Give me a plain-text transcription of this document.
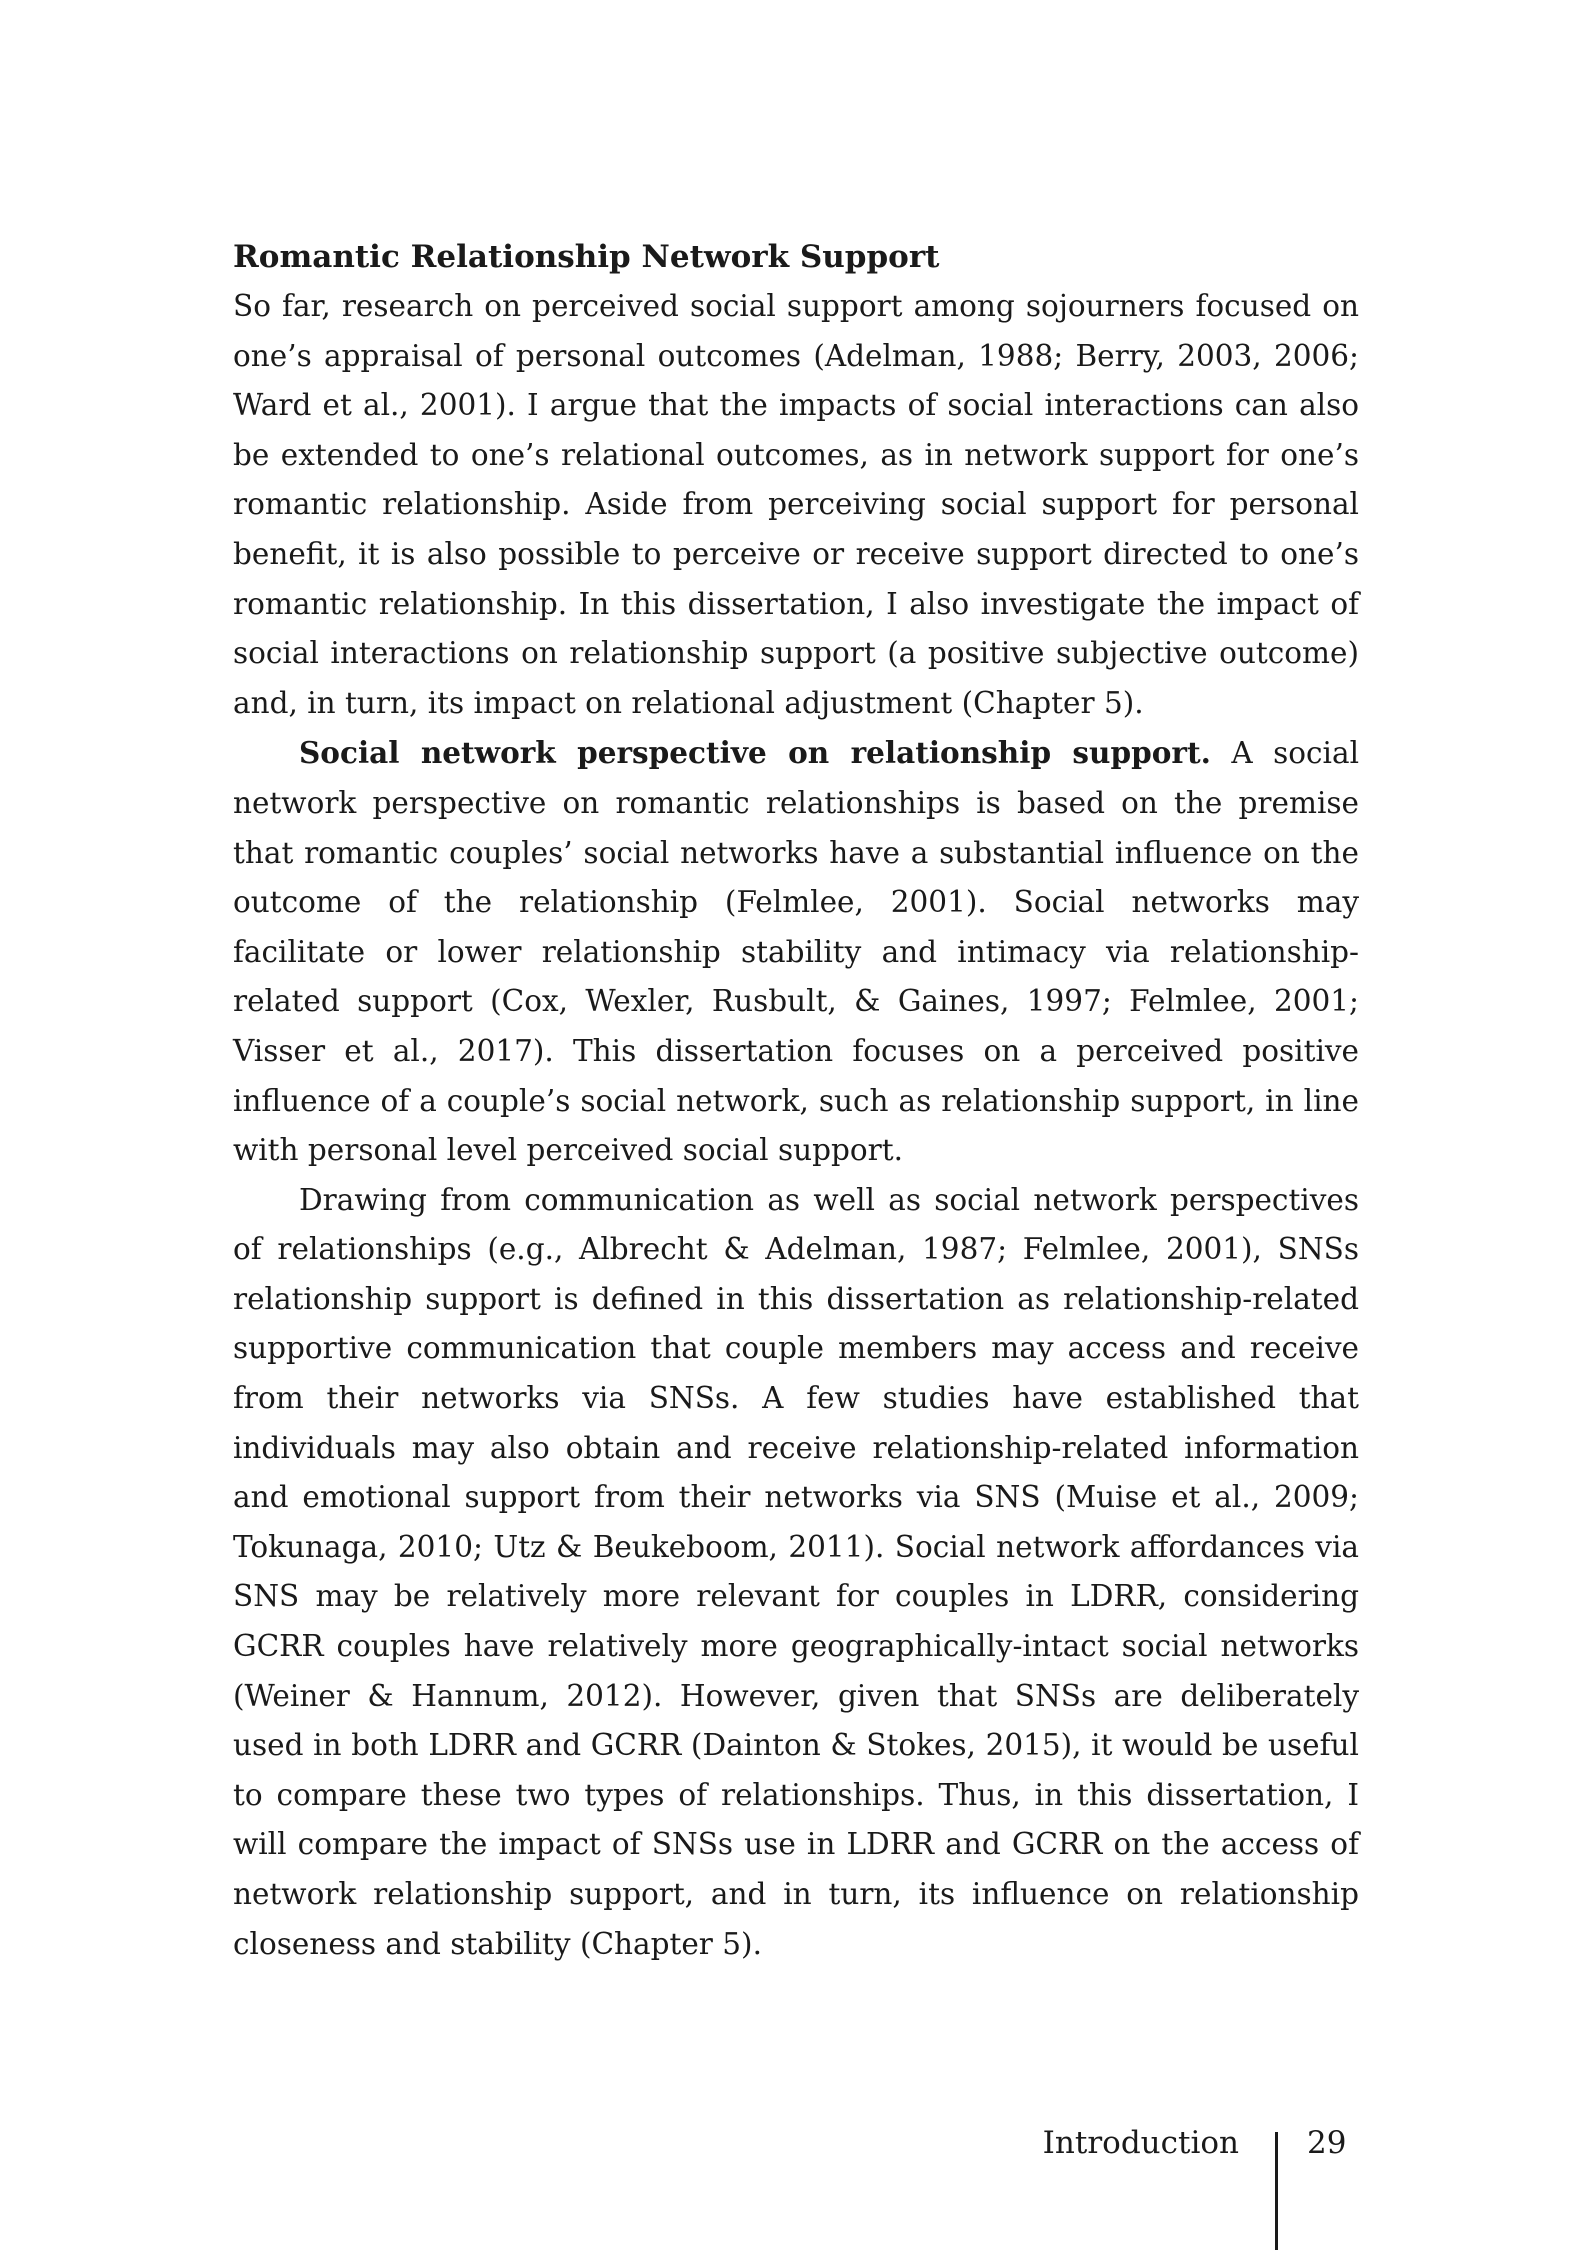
Romantic Relationship Network Support

So far, research on perceived social support among sojourners focused on one’s appraisal of personal outcomes (Adelman, 1988; Berry, 2003, 2006; Ward et al., 2001). I argue that the impacts of social interactions can also be extended to one’s relational outcomes, as in network support for one’s romantic relationship. Aside from perceiving social support for personal benefit, it is also possible to perceive or receive support directed to one’s romantic relationship. In this dissertation, I also investigate the impact of social interactions on relationship support (a positive subjective outcome) and, in turn, its impact on relational adjustment (Chapter 5).

Social network perspective on relationship support. A social network perspective on romantic relationships is based on the premise that romantic couples’ social networks have a substantial influence on the outcome of the relationship (Felmlee, 2001). Social networks may facilitate or lower relationship stability and intimacy via relationship-related support (Cox, Wexler, Rusbult, & Gaines, 1997; Felmlee, 2001; Visser et al., 2017). This dissertation focuses on a perceived positive influence of a couple’s social network, such as relationship support, in line with personal level perceived social support.

Drawing from communication as well as social network perspectives of relationships (e.g., Albrecht & Adelman, 1987; Felmlee, 2001), SNSs relationship support is defined in this dissertation as relationship-related supportive communication that couple members may access and receive from their networks via SNSs. A few studies have established that individuals may also obtain and receive relationship-related information and emotional support from their networks via SNS (Muise et al., 2009; Tokunaga, 2010; Utz & Beukeboom, 2011). Social network affordances via SNS may be relatively more relevant for couples in LDRR, considering GCRR couples have relatively more geographically-intact social networks (Weiner & Hannum, 2012). However, given that SNSs are deliberately used in both LDRR and GCRR (Dainton & Stokes, 2015), it would be useful to compare these two types of relationships. Thus, in this dissertation, I will compare the impact of SNSs use in LDRR and GCRR on the access of network relationship support, and in turn, its influence on relationship closeness and stability (Chapter 5).

Introduction 29
